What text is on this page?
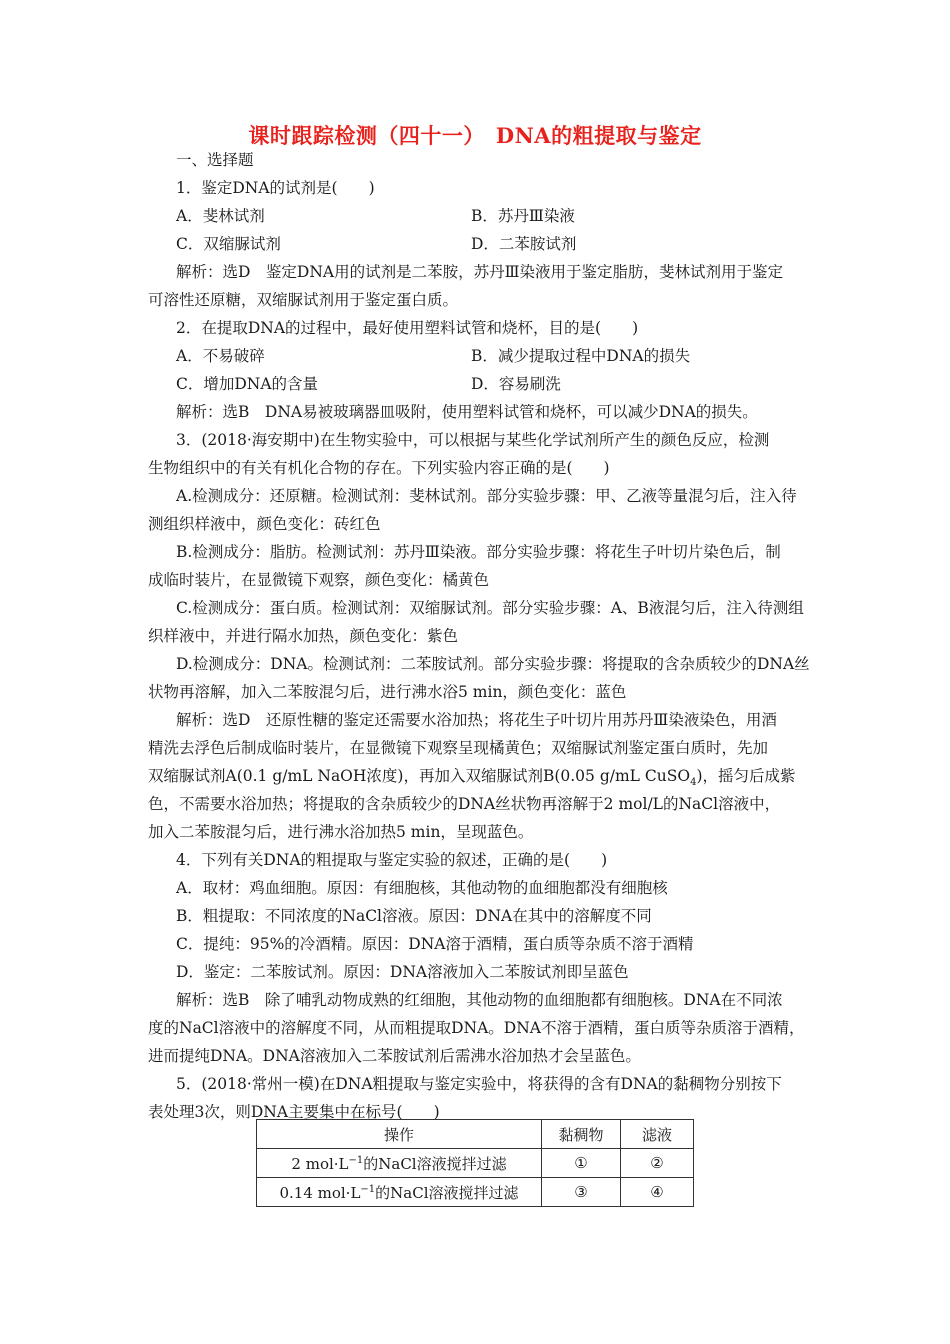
课时跟踪检测（四十一）　DNA的粗提取与鉴定
一、选择题
1．鉴定DNA的试剂是(　　)
A．斐林试剂	B．苏丹Ⅲ染液
C．双缩脲试剂	D．二苯胺试剂
解析：选D　鉴定DNA用的试剂是二苯胺，苏丹Ⅲ染液用于鉴定脂肪，斐林试剂用于鉴定
可溶性还原糖，双缩脲试剂用于鉴定蛋白质。
2．在提取DNA的过程中，最好使用塑料试管和烧杯，目的是(　　)
A．不易破碎	B．减少提取过程中DNA的损失
C．增加DNA的含量	D．容易刷洗
解析：选B　DNA易被玻璃器皿吸附，使用塑料试管和烧杯，可以减少DNA的损失。
3．(2018·海安期中)在生物实验中，可以根据与某些化学试剂所产生的颜色反应，检测
生物组织中的有关有机化合物的存在。下列实验内容正确的是(　　)
A.检测成分：还原糖。检测试剂：斐林试剂。部分实验步骤：甲、乙液等量混匀后，注入待
测组织样液中，颜色变化：砖红色
B.检测成分：脂肪。检测试剂：苏丹Ⅲ染液。部分实验步骤：将花生子叶切片染色后，制
成临时装片，在显微镜下观察，颜色变化：橘黄色
C.检测成分：蛋白质。检测试剂：双缩脲试剂。部分实验步骤：A、B液混匀后，注入待测组
织样液中，并进行隔水加热，颜色变化：紫色
D.检测成分：DNA。检测试剂：二苯胺试剂。部分实验步骤：将提取的含杂质较少的DNA丝
状物再溶解，加入二苯胺混匀后，进行沸水浴5 min，颜色变化：蓝色
解析：选D　还原性糖的鉴定还需要水浴加热；将花生子叶切片用苏丹Ⅲ染液染色，用酒
精洗去浮色后制成临时装片，在显微镜下观察呈现橘黄色；双缩脲试剂鉴定蛋白质时，先加
双缩脲试剂A(0.1 g/mL NaOH浓度)，再加入双缩脲试剂B(0.05 g/mL CuSO$_4$)，摇匀后成紫
色，不需要水浴加热；将提取的含杂质较少的DNA丝状物再溶解于2 mol/L的NaCl溶液中，
加入二苯胺混匀后，进行沸水浴加热5 min，呈现蓝色。
4．下列有关DNA的粗提取与鉴定实验的叙述，正确的是(　　)
A．取材：鸡血细胞。原因：有细胞核，其他动物的血细胞都没有细胞核
B．粗提取：不同浓度的NaCl溶液。原因：DNA在其中的溶解度不同
C．提纯：95%的冷酒精。原因：DNA溶于酒精，蛋白质等杂质不溶于酒精
D．鉴定：二苯胺试剂。原因：DNA溶液加入二苯胺试剂即呈蓝色
解析：选B　除了哺乳动物成熟的红细胞，其他动物的血细胞都有细胞核。DNA在不同浓
度的NaCl溶液中的溶解度不同，从而粗提取DNA。DNA不溶于酒精，蛋白质等杂质溶于酒精，
进而提纯DNA。DNA溶液加入二苯胺试剂后需沸水浴加热才会呈蓝色。
5．(2018·常州一模)在DNA粗提取与鉴定实验中，将获得的含有DNA的黏稠物分别按下
表处理3次，则DNA主要集中在标号(　　)
操作	黏稠物	滤液
2 $mol\cdot L^{-1}$的NaCl溶液搅拌过滤	①	②
0.14 $mol\cdot L^{-1}$的NaCl溶液搅拌过滤	③	④
